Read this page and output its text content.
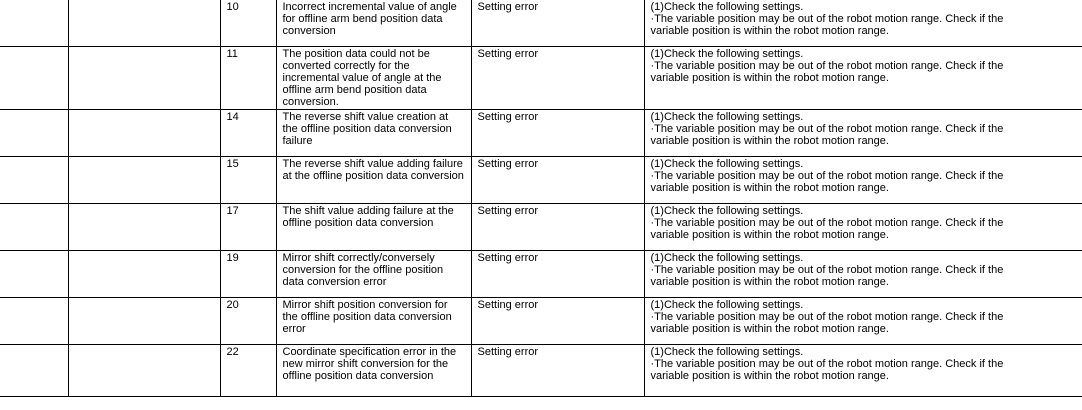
		10	Incorrect incremental value of angle for offline arm bend position data conversion	Setting error	(1)Check the following settings.
·The variable position may be out of the robot motion range. Check if the
variable position is within the robot motion range.

		11	The position data could not be converted correctly for the incremental value of angle at the offline arm bend position data conversion.	Setting error	(1)Check the following settings.
·The variable position may be out of the robot motion range. Check if the
variable position is within the robot motion range.

		14	The reverse shift value creation at the offline position data conversion failure	Setting error	(1)Check the following settings.
·The variable position may be out of the robot motion range. Check if the
variable position is within the robot motion range.

		15	The reverse shift value adding failure at the offline position data conversion	Setting error	(1)Check the following settings.
·The variable position may be out of the robot motion range. Check if the
variable position is within the robot motion range.

		17	The shift value adding failure at the offline position data conversion	Setting error	(1)Check the following settings.
·The variable position may be out of the robot motion range. Check if the
variable position is within the robot motion range.

		19	Mirror shift correctly/conversely conversion for the offline position data conversion error	Setting error	(1)Check the following settings.
·The variable position may be out of the robot motion range. Check if the
variable position is within the robot motion range.

		20	Mirror shift position conversion for the offline position data conversion error	Setting error	(1)Check the following settings.
·The variable position may be out of the robot motion range. Check if the
variable position is within the robot motion range.

		22	Coordinate specification error in the new mirror shift conversion for the offline position data conversion	Setting error	(1)Check the following settings.
·The variable position may be out of the robot motion range. Check if the
variable position is within the robot motion range.
